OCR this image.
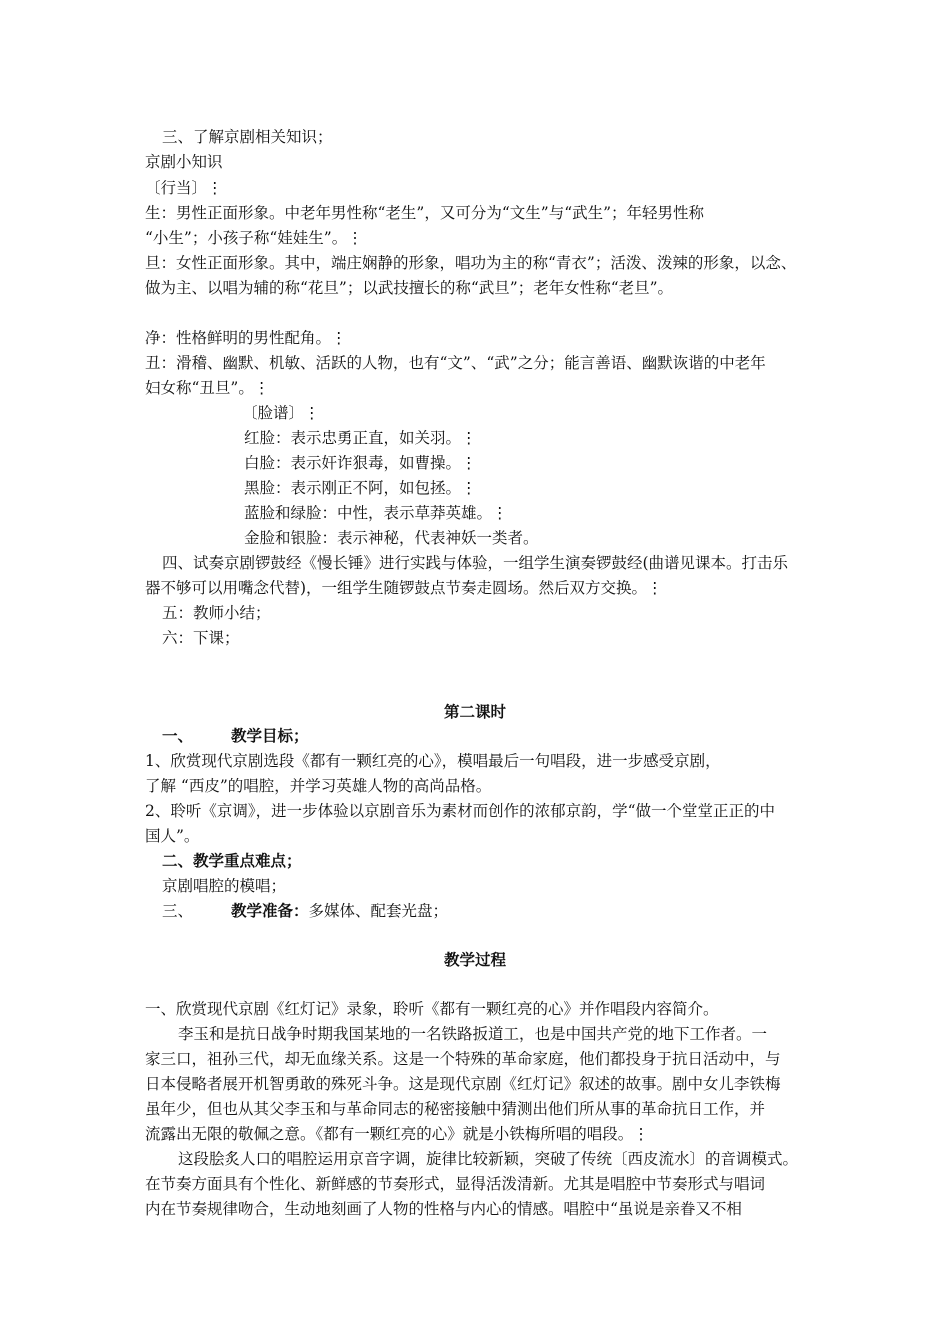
三、了解京剧相关知识；
京剧小知识
〔行当〕⋮
生：男性正面形象。中老年男性称“老生”，又可分为“文生”与“武生”；年轻男性称
“小生”；小孩子称“娃娃生”。⋮
旦：女性正面形象。其中，端庄娴静的形象，唱功为主的称“青衣”；活泼、泼辣的形象，以念、
做为主、以唱为辅的称“花旦”；以武技擅长的称“武旦”；老年女性称“老旦”。
净：性格鲜明的男性配角。⋮
丑：滑稽、幽默、机敏、活跃的人物，也有“文”、“武”之分；能言善语、幽默诙谐的中老年
妇女称“丑旦”。⋮
〔脸谱〕⋮
红脸：表示忠勇正直，如关羽。⋮
白脸：表示奸诈狠毒，如曹操。⋮
黑脸：表示刚正不阿，如包拯。⋮
蓝脸和绿脸：中性，表示草莽英雄。⋮
金脸和银脸：表示神秘，代表神妖一类者。
四、试奏京剧锣鼓经《慢长锤》进行实践与体验，一组学生演奏锣鼓经(曲谱见课本。打击乐
器不够可以用嘴念代替)，一组学生随锣鼓点节奏走圆场。然后双方交换。⋮
五：教师小结；
六：下课；
第二课时
一、 教学目标；
1、欣赏现代京剧选段《都有一颗红亮的心》，模唱最后一句唱段，进一步感受京剧，
了解 “西皮”的唱腔，并学习英雄人物的高尚品格。
2、聆听《京调》，进一步体验以京剧音乐为素材而创作的浓郁京韵，学“做一个堂堂正正的中
国人”。
二、教学重点难点；
京剧唱腔的模唱；
三、 教学准备：多媒体、配套光盘；
教学过程
一、欣赏现代京剧《红灯记》录象，聆听《都有一颗红亮的心》并作唱段内容简介。
李玉和是抗日战争时期我国某地的一名铁路扳道工，也是中国共产党的地下工作者。一
家三口，祖孙三代，却无血缘关系。这是一个特殊的革命家庭，他们都投身于抗日活动中，与
日本侵略者展开机智勇敢的殊死斗争。这是现代京剧《红灯记》叙述的故事。剧中女儿李铁梅
虽年少，但也从其父李玉和与革命同志的秘密接触中猜测出他们所从事的革命抗日工作，并
流露出无限的敬佩之意。《都有一颗红亮的心》就是小铁梅所唱的唱段。⋮
这段脍炙人口的唱腔运用京音字调，旋律比较新颖，突破了传统〔西皮流水〕的音调模式。
在节奏方面具有个性化、新鲜感的节奏形式，显得活泼清新。尤其是唱腔中节奏形式与唱词
内在节奏规律吻合，生动地刻画了人物的性格与内心的情感。唱腔中“虽说是亲眷又不相
